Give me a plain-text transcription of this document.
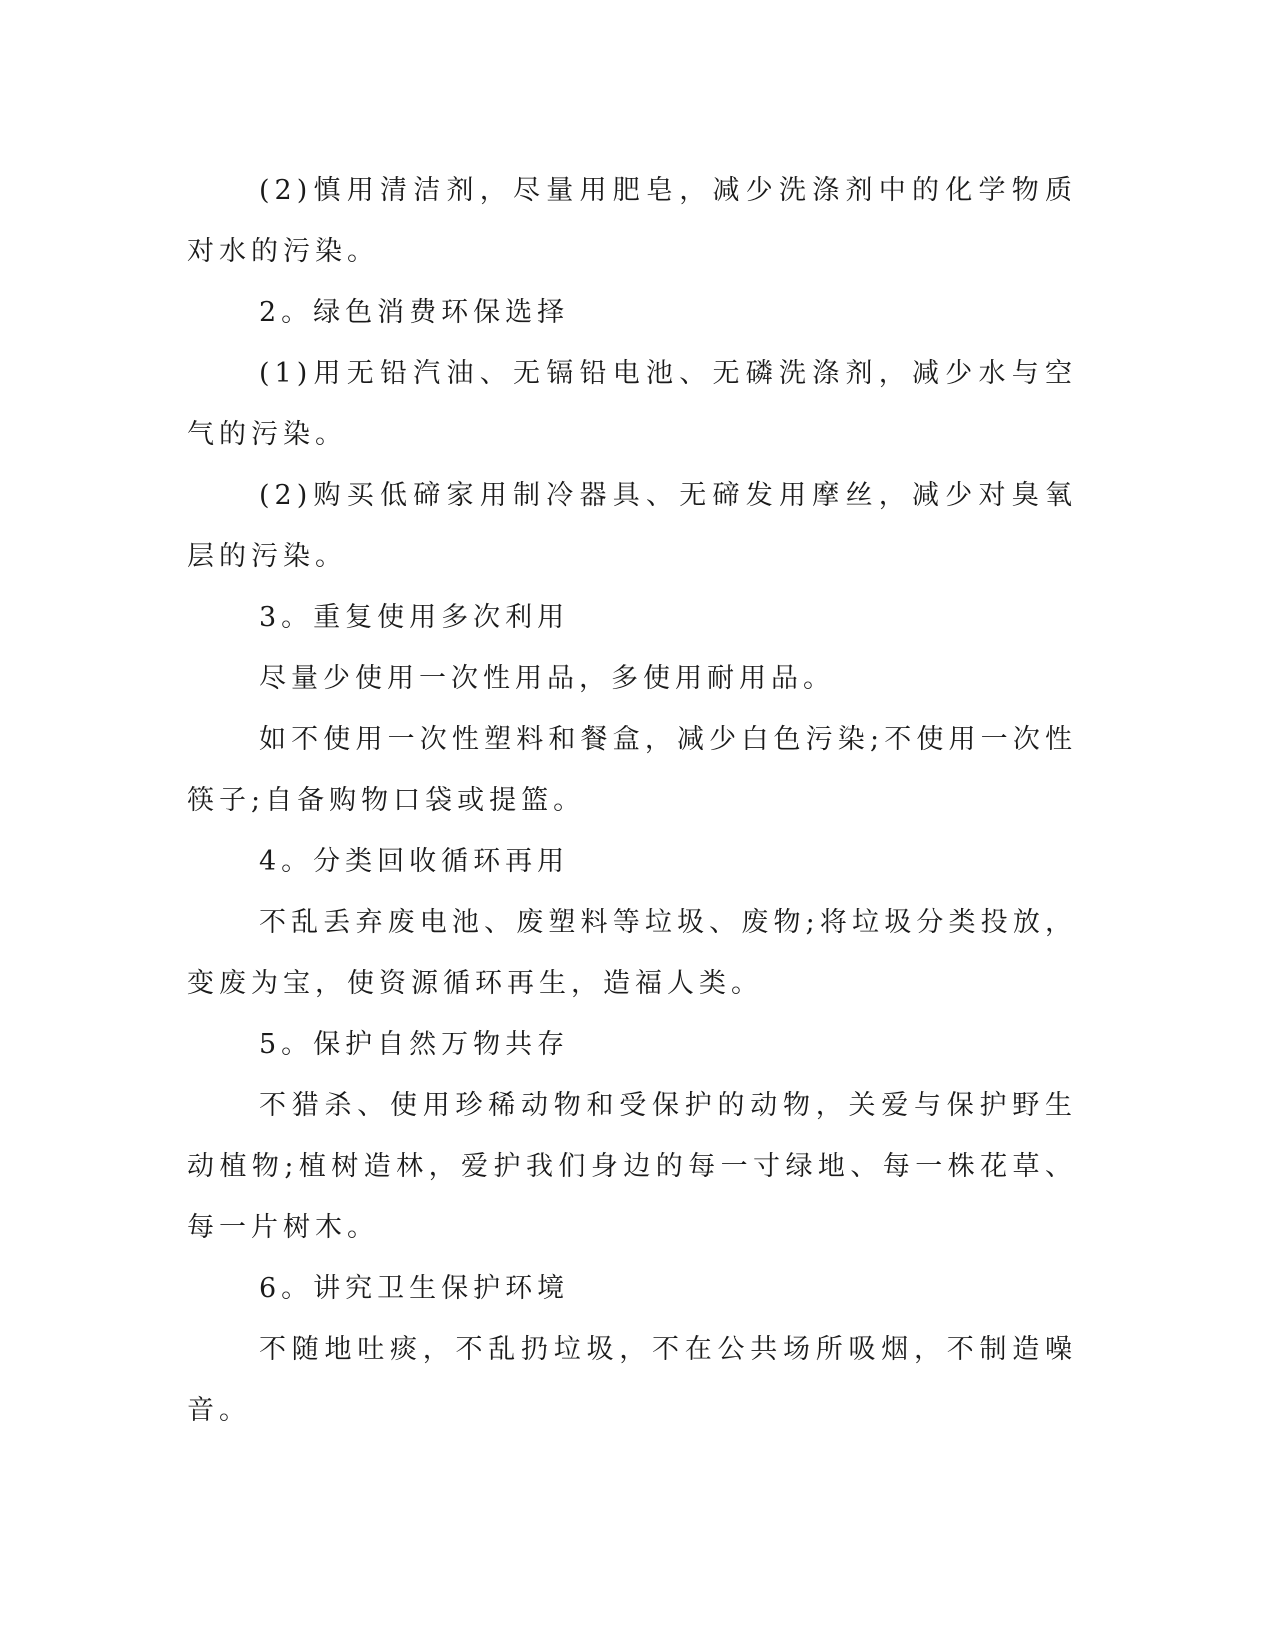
(2)慎用清洁剂，尽量用肥皂，减少洗涤剂中的化学物质对水的污染。

2。绿色消费环保选择

(1)用无铅汽油、无镉铅电池、无磷洗涤剂，减少水与空气的污染。

(2)购买低碲家用制冷器具、无碲发用摩丝，减少对臭氧层的污染。

3。重复使用多次利用

尽量少使用一次性用品，多使用耐用品。

如不使用一次性塑料和餐盒，减少白色污染;不使用一次性筷子;自备购物口袋或提篮。

4。分类回收循环再用

不乱丢弃废电池、废塑料等垃圾、废物;将垃圾分类投放，变废为宝，使资源循环再生，造福人类。

5。保护自然万物共存

不猎杀、使用珍稀动物和受保护的动物，关爱与保护野生动植物;植树造林，爱护我们身边的每一寸绿地、每一株花草、每一片树木。

6。讲究卫生保护环境

不随地吐痰，不乱扔垃圾，不在公共场所吸烟，不制造噪音。
